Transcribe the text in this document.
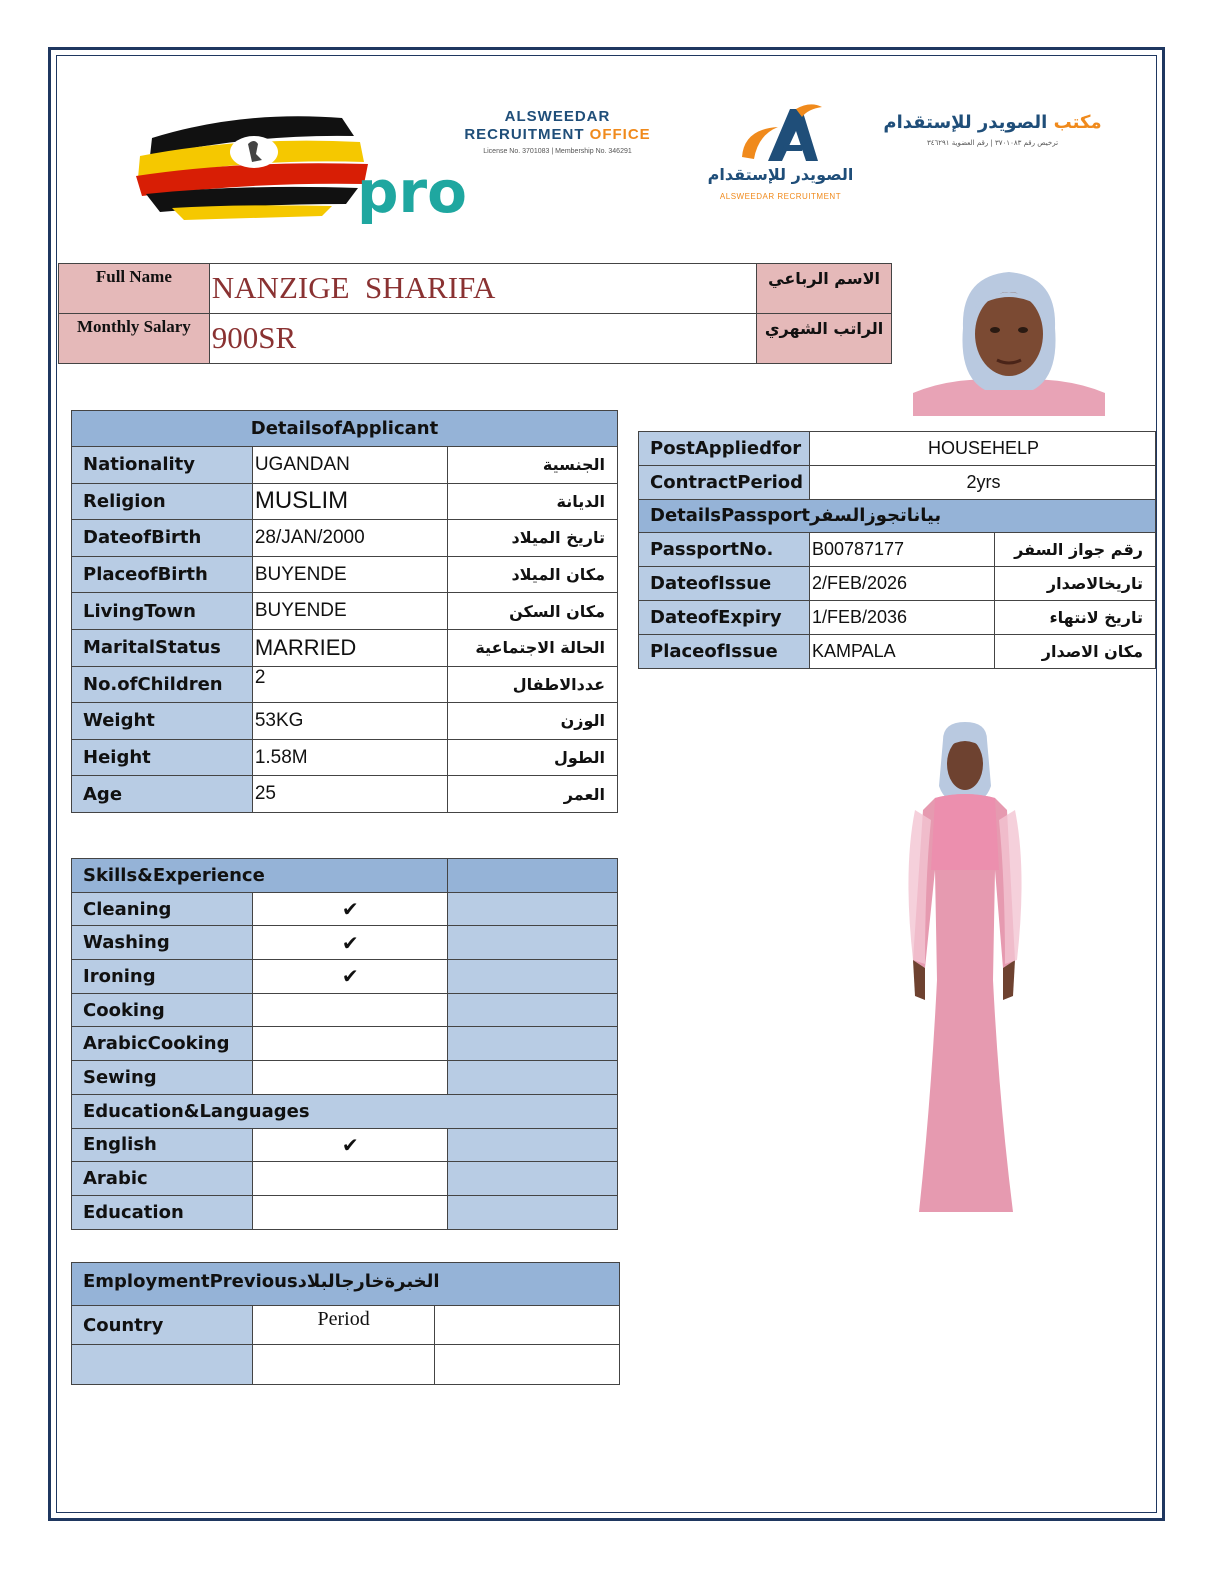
pro
ALSWEEDAR
RECRUITMENT OFFICE
License No. 3701083 | Membership No. 346291
الصويدر للإستقدام
ALSWEEDAR RECRUITMENT
مكتب الصويدر للإستقدام
ترخيص رقم ٣٧٠١٠٨٣ | رقم العضوية ٣٤٦٢٩١
Full Name	NANZIGE  SHARIFA	الاسم الرباعي
Monthly Salary	900SR	الراتب الشهري
DetailsofApplicant		
Nationality	UGANDAN	الجنسية
Religion	MUSLIM	الديانة
DateofBirth	28/JAN/2000	تاريخ الميلاد
PlaceofBirth	BUYENDE	مكان الميلاد
LivingTown	BUYENDE	مكان السكن
MaritalStatus	MARRIED	الحالة الاجتماعية
No.ofChildren	2	عددالاطفال
Weight	53KG	الوزن
Height	1.58M	الطول
Age	25	العمر
PostAppliedfor	HOUSEHELP	
ContractPeriod	2yrs	
DetailsPassportبياناتجوزالسفر		
PassportNo.	B00787177	رقم جواز السفر
DateofIssue	2/FEB/2026	تاريخالاصدار
DateofExpiry	1/FEB/2036	تاريخ لانتهاء
PlaceofIssue	KAMPALA	مكان الاصدار
Skills&Experience		
Cleaning	✔	
Washing	✔	
Ironing	✔	
Cooking		
ArabicCooking		
Sewing		
Education&Languages		
English	✔	
Arabic		
Education		
EmploymentPreviousالخبرةخارجالبلاد		
Country	Period	
